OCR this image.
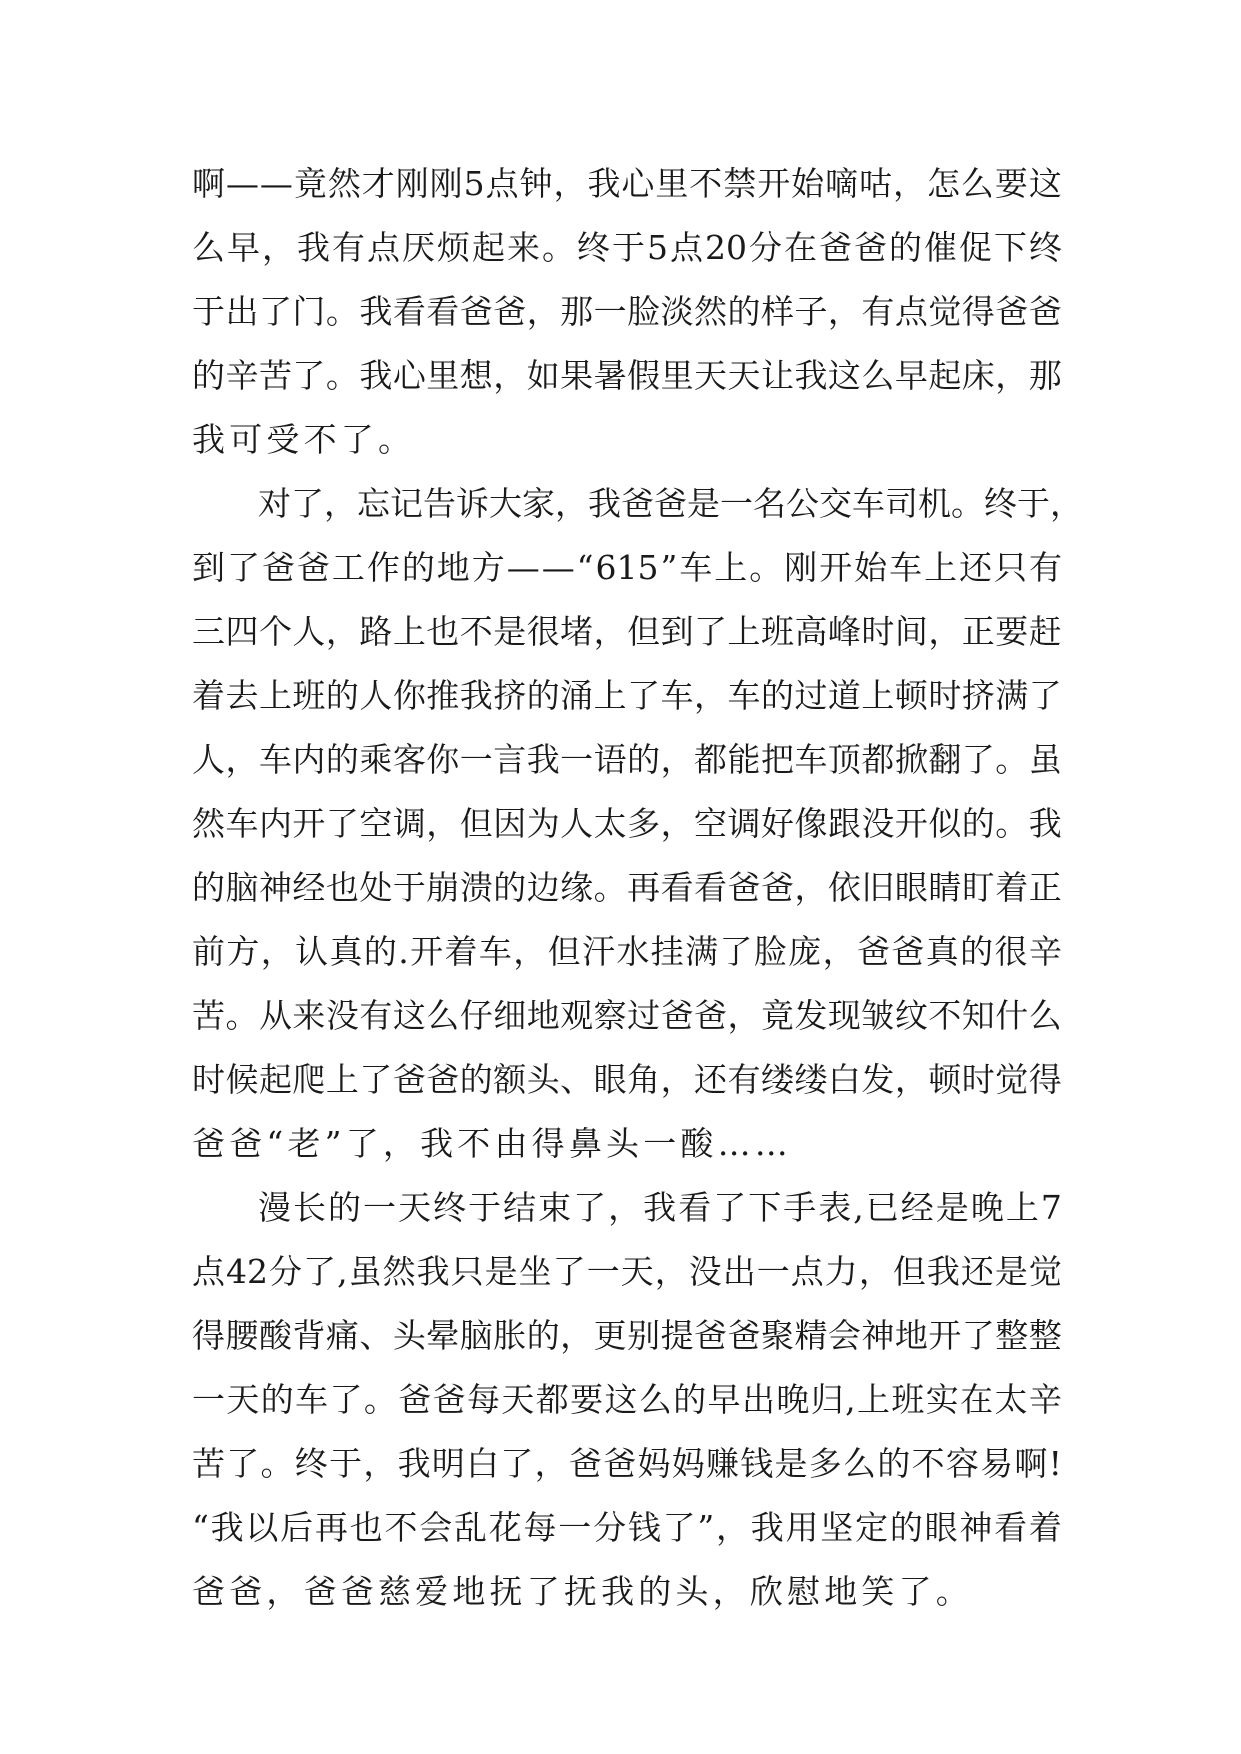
啊 — — 竟 然 才 刚 刚 5 点 钟 ， 我 心 里 不 禁 开 始 嘀 咕 ， 怎 么 要 这
么 早 ， 我 有 点 厌 烦 起 来 。 终 于 5 点 20 分 在 爸 爸 的 催 促 下 终
于 出 了 门 。 我 看 看 爸 爸 ， 那 一 脸 淡 然 的 样 子 ， 有 点 觉 得 爸 爸
的 辛 苦 了 。 我 心 里 想 ， 如 果 暑 假 里 天 天 让 我 这 么 早 起 床 ， 那
我 可 受 不 了 。
对 了 ， 忘 记 告 诉 大 家 ， 我 爸 爸 是 一 名 公 交 车 司 机 。 终 于 ，
到 了 爸 爸 工 作 的 地 方 — — “ 615 ” 车 上 。 刚 开 始 车 上 还 只 有
三 四 个 人 ， 路 上 也 不 是 很 堵 ， 但 到 了 上 班 高 峰 时 间 ， 正 要 赶
着 去 上 班 的 人 你 推 我 挤 的 涌 上 了 车 ， 车 的 过 道 上 顿 时 挤 满 了
人 ， 车 内 的 乘 客 你 一 言 我 一 语 的 ， 都 能 把 车 顶 都 掀 翻 了 。 虽
然 车 内 开 了 空 调 ， 但 因 为 人 太 多 ， 空 调 好 像 跟 没 开 似 的 。 我
的 脑 神 经 也 处 于 崩 溃 的 边 缘 。 再 看 看 爸 爸 ， 依 旧 眼 睛 盯 着 正
前 方 ， 认 真 的 . 开 着 车 ， 但 汗 水 挂 满 了 脸 庞 ， 爸 爸 真 的 很 辛
苦 。 从 来 没 有 这 么 仔 细 地 观 察 过 爸 爸 ， 竟 发 现 皱 纹 不 知 什 么
时 候 起 爬 上 了 爸 爸 的 额 头 、 眼 角 ， 还 有 缕 缕 白 发 ， 顿 时 觉 得
爸 爸 “ 老 ” 了 ， 我 不 由 得 鼻 头 一 酸 … …
漫 长 的 一 天 终 于 结 束 了 ， 我 看 了 下 手 表 , 已 经 是 晚 上 7
点 42 分 了 , 虽 然 我 只 是 坐 了 一 天 ， 没 出 一 点 力 ， 但 我 还 是 觉
得 腰 酸 背 痛 、 头 晕 脑 胀 的 ， 更 别 提 爸 爸 聚 精 会 神 地 开 了 整 整
一 天 的 车 了 。 爸 爸 每 天 都 要 这 么 的 早 出 晚 归 , 上 班 实 在 太 辛
苦 了 。 终 于 ， 我 明 白 了 ， 爸 爸 妈 妈 赚 钱 是 多 么 的 不 容 易 啊 !
“ 我 以 后 再 也 不 会 乱 花 每 一 分 钱 了 ” ， 我 用 坚 定 的 眼 神 看 着
爸 爸 ， 爸 爸 慈 爱 地 抚 了 抚 我 的 头 ， 欣 慰 地 笑 了 。
